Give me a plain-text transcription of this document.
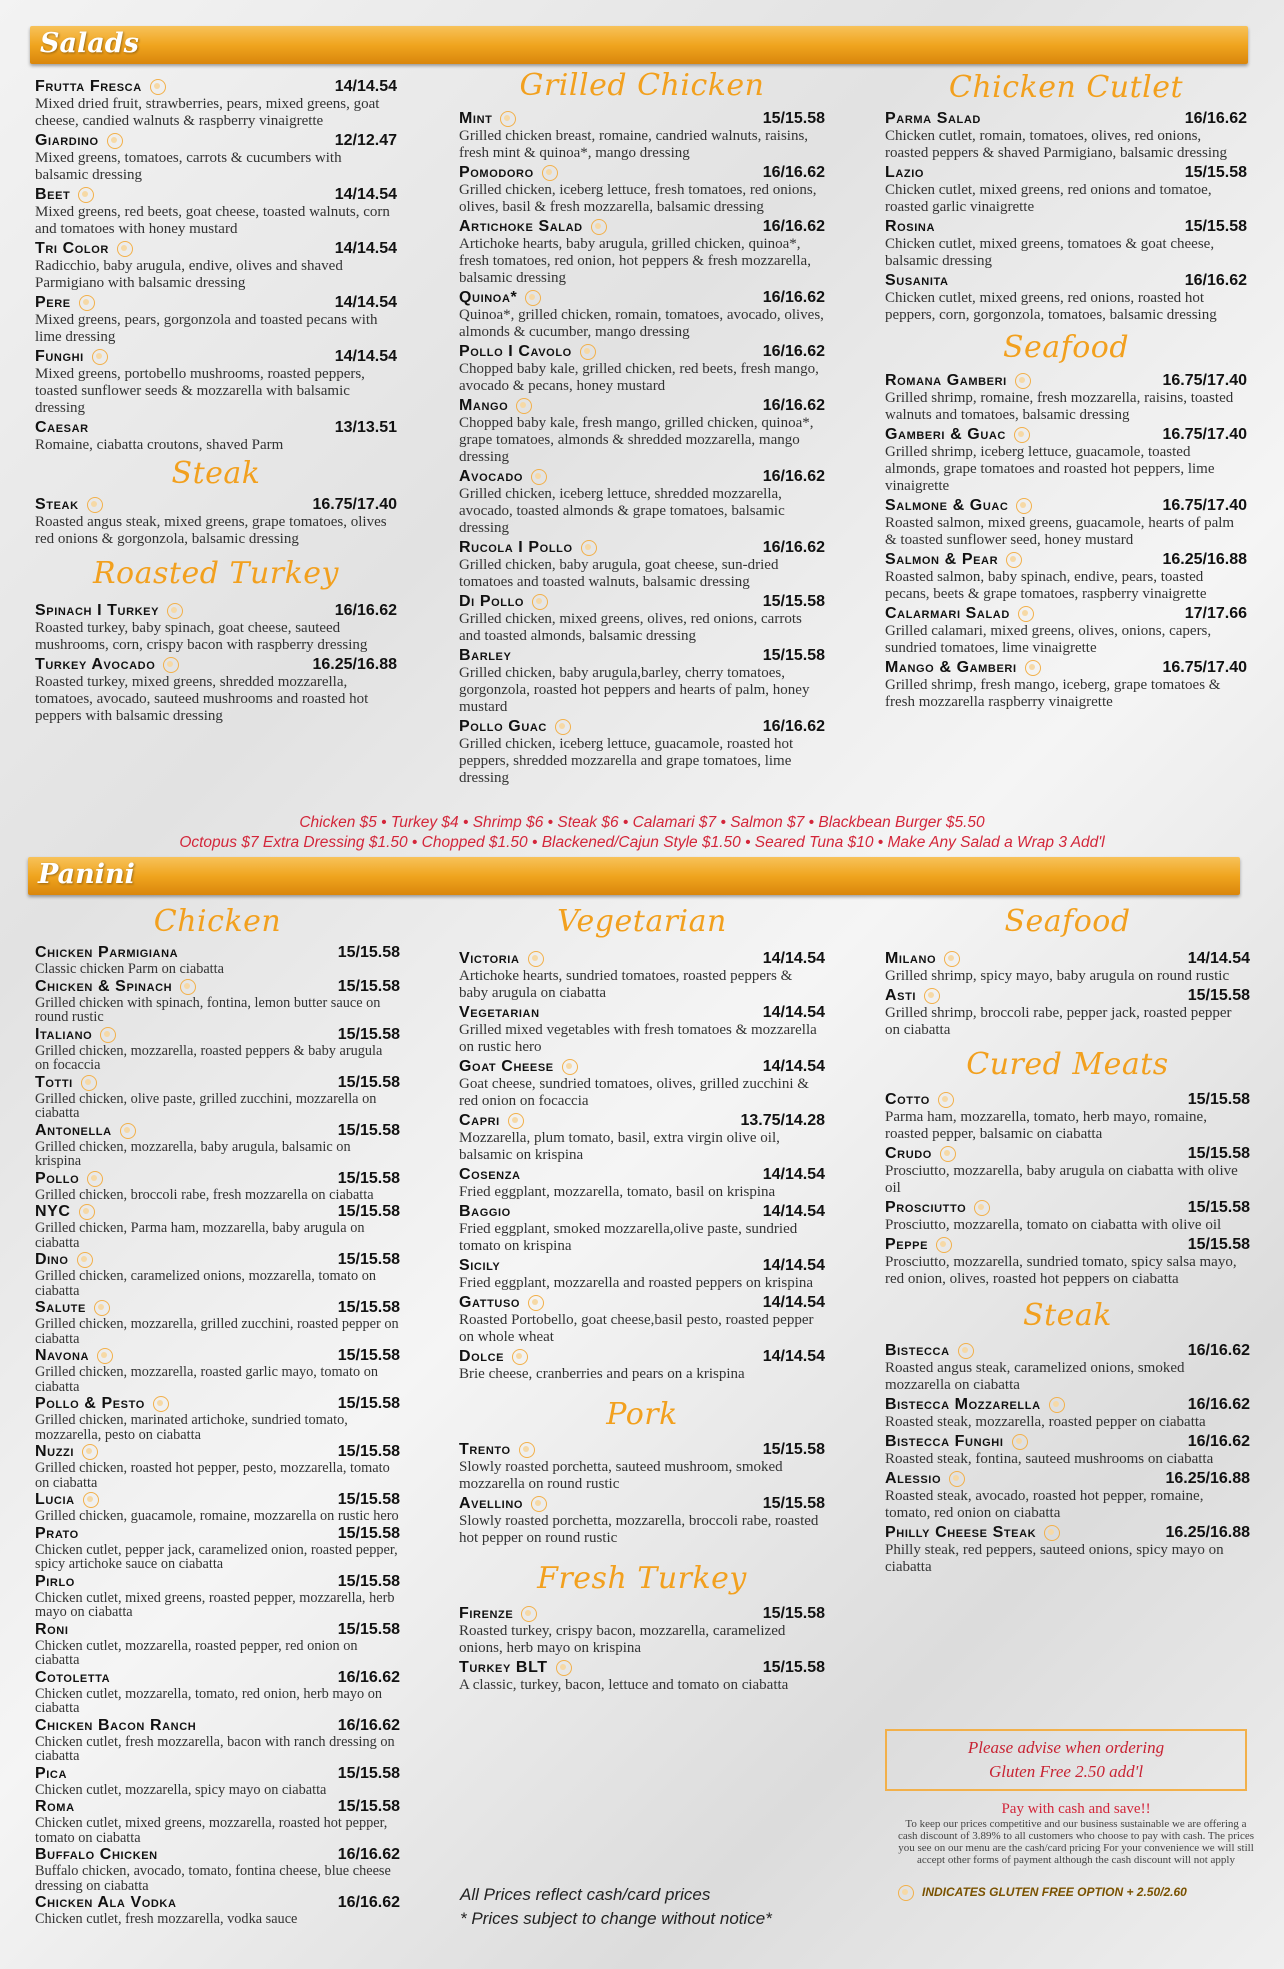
Salads
Frutta Fresca	14/14.54
Mixed dried fruit, strawberries, pears, mixed greens, goat cheese, candied walnuts & raspberry vinaigrette
Giardino	12/12.47
Mixed greens, tomatoes, carrots & cucumbers with balsamic dressing
Beet	14/14.54
Mixed greens, red beets, goat cheese, toasted walnuts, corn and tomatoes with honey mustard
Tri Color	14/14.54
Radicchio, baby arugula, endive, olives and shaved Parmigiano with balsamic dressing
Pere	14/14.54
Mixed greens, pears, gorgonzola and toasted pecans with lime dressing
Funghi	14/14.54
Mixed greens, portobello mushrooms, roasted peppers, toasted sunflower seeds & mozzarella with balsamic dressing
Caesar	13/13.51
Romaine, ciabatta croutons, shaved Parm
Steak
Steak	16.75/17.40
Roasted angus steak, mixed greens, grape tomatoes, olives red onions & gorgonzola, balsamic dressing
Roasted Turkey
Spinach I Turkey	16/16.62
Roasted turkey, baby spinach, goat cheese, sauteed mushrooms, corn, crispy bacon with raspberry dressing
Turkey Avocado	16.25/16.88
Roasted turkey, mixed greens, shredded mozzarella, tomatoes, avocado, sauteed mushrooms and roasted hot peppers with balsamic dressing
Grilled Chicken
Mint	15/15.58
Grilled chicken breast, romaine, candried walnuts, raisins, fresh mint & quinoa*, mango dressing
Pomodoro	16/16.62
Grilled chicken, iceberg lettuce, fresh tomatoes, red onions, olives, basil & fresh mozzarella, balsamic dressing
Artichoke Salad	16/16.62
Artichoke hearts, baby arugula, grilled chicken, quinoa*, fresh tomatoes, red onion, hot peppers & fresh mozzarella, balsamic dressing
Quinoa*	16/16.62
Quinoa*, grilled chicken, romain, tomatoes, avocado, olives, almonds & cucumber, mango dressing
Pollo I Cavolo	16/16.62
Chopped baby kale, grilled chicken, red beets, fresh mango, avocado & pecans, honey mustard
Mango	16/16.62
Chopped baby kale, fresh mango, grilled chicken, quinoa*, grape tomatoes, almonds & shredded mozzarella, mango dressing
Avocado	16/16.62
Grilled chicken, iceberg lettuce, shredded mozzarella, avocado, toasted almonds & grape tomatoes, balsamic dressing
Rucola I Pollo	16/16.62
Grilled chicken, baby arugula, goat cheese, sun-dried tomatoes and toasted walnuts, balsamic dressing
Di Pollo	15/15.58
Grilled chicken, mixed greens, olives, red onions, carrots and toasted almonds, balsamic dressing
Barley	15/15.58
Grilled chicken, baby arugula,barley, cherry tomatoes, gorgonzola, roasted hot peppers and hearts of palm, honey mustard
Pollo Guac	16/16.62
Grilled chicken, iceberg lettuce, guacamole, roasted hot peppers, shredded mozzarella and grape tomatoes, lime dressing
Chicken Cutlet
Parma Salad	16/16.62
Chicken cutlet, romain, tomatoes, olives, red onions, roasted peppers & shaved Parmigiano, balsamic dressing
Lazio	15/15.58
Chicken cutlet, mixed greens, red onions and tomatoe, roasted garlic vinaigrette
Rosina	15/15.58
Chicken cutlet, mixed greens, tomatoes & goat cheese, balsamic dressing
Susanita	16/16.62
Chicken cutlet, mixed greens, red onions, roasted hot peppers, corn, gorgonzola, tomatoes, balsamic dressing
Seafood
Romana Gamberi	16.75/17.40
Grilled shrimp, romaine, fresh mozzarella, raisins, toasted walnuts and tomatoes, balsamic dressing
Gamberi & Guac	16.75/17.40
Grilled shrimp, iceberg lettuce, guacamole, toasted almonds, grape tomatoes and roasted hot peppers, lime vinaigrette
Salmone & Guac	16.75/17.40
Roasted salmon, mixed greens, guacamole, hearts of palm & toasted sunflower seed, honey mustard
Salmon & Pear	16.25/16.88
Roasted salmon, baby spinach, endive, pears, toasted pecans, beets & grape tomatoes, raspberry vinaigrette
Calarmari Salad	17/17.66
Grilled calamari, mixed greens, olives, onions, capers, sundried tomatoes, lime vinaigrette
Mango & Gamberi	16.75/17.40
Grilled shrimp, fresh mango, iceberg, grape tomatoes & fresh mozzarella raspberry vinaigrette
Chicken $5 • Turkey $4 • Shrimp $6 • Steak $6 • Calamari $7 • Salmon $7 • Blackbean Burger $5.50
Octopus $7 Extra Dressing $1.50 • Chopped $1.50 • Blackened/Cajun Style $1.50 • Seared Tuna $10 • Make Any Salad a Wrap 3 Add'l
Panini
Chicken
Chicken Parmigiana	15/15.58
Classic chicken Parm on ciabatta
Chicken & Spinach	15/15.58
Grilled chicken with spinach, fontina, lemon butter sauce on round rustic
Italiano	15/15.58
Grilled chicken, mozzarella, roasted peppers & baby arugula on focaccia
Totti	15/15.58
Grilled chicken, olive paste, grilled zucchini, mozzarella on ciabatta
Antonella	15/15.58
Grilled chicken, mozzarella, baby arugula, balsamic on krispina
Pollo	15/15.58
Grilled chicken, broccoli rabe, fresh mozzarella on ciabatta
NYC	15/15.58
Grilled chicken, Parma ham, mozzarella, baby arugula on ciabatta
Dino	15/15.58
Grilled chicken, caramelized onions, mozzarella, tomato on ciabatta
Salute	15/15.58
Grilled chicken, mozzarella, grilled zucchini, roasted pepper on ciabatta
Navona	15/15.58
Grilled chicken, mozzarella, roasted garlic mayo, tomato on ciabatta
Pollo & Pesto	15/15.58
Grilled chicken, marinated artichoke, sundried tomato, mozzarella, pesto on ciabatta
Nuzzi	15/15.58
Grilled chicken, roasted hot pepper, pesto, mozzarella, tomato on ciabatta
Lucia	15/15.58
Grilled chicken, guacamole, romaine, mozzarella on rustic hero
Prato	15/15.58
Chicken cutlet, pepper jack, caramelized onion, roasted pepper, spicy artichoke sauce on ciabatta
Pirlo	15/15.58
Chicken cutlet, mixed greens, roasted pepper, mozzarella, herb mayo on ciabatta
Roni	15/15.58
Chicken cutlet, mozzarella, roasted pepper, red onion on ciabatta
Cotoletta	16/16.62
Chicken cutlet, mozzarella, tomato, red onion, herb mayo on ciabatta
Chicken Bacon Ranch	16/16.62
Chicken cutlet, fresh mozzarella, bacon with ranch dressing on ciabatta
Pica	15/15.58
Chicken cutlet, mozzarella, spicy mayo on ciabatta
Roma	15/15.58
Chicken cutlet, mixed greens, mozzarella, roasted hot pepper, tomato on ciabatta
Buffalo Chicken	16/16.62
Buffalo chicken, avocado, tomato, fontina cheese, blue cheese dressing on ciabatta
Chicken Ala Vodka	16/16.62
Chicken cutlet, fresh mozzarella, vodka sauce
Vegetarian
Victoria	14/14.54
Artichoke hearts, sundried tomatoes, roasted peppers & baby arugula on ciabatta
Vegetarian	14/14.54
Grilled mixed vegetables with fresh tomatoes & mozzarella on rustic hero
Goat Cheese	14/14.54
Goat cheese, sundried tomatoes, olives, grilled zucchini & red onion on focaccia
Capri	13.75/14.28
Mozzarella, plum tomato, basil, extra virgin olive oil, balsamic on krispina
Cosenza	14/14.54
Fried eggplant, mozzarella, tomato, basil on krispina
Baggio	14/14.54
Fried eggplant, smoked mozzarella,olive paste, sundried tomato on krispina
Sicily	14/14.54
Fried eggplant, mozzarella and roasted peppers on krispina
Gattuso	14/14.54
Roasted Portobello, goat cheese,basil pesto, roasted pepper on whole wheat
Dolce	14/14.54
Brie cheese, cranberries and pears on a krispina
Pork
Trento	15/15.58
Slowly roasted porchetta, sauteed mushroom, smoked mozzarella on round rustic
Avellino	15/15.58
Slowly roasted porchetta, mozzarella, broccoli rabe, roasted hot pepper on round rustic
Fresh Turkey
Firenze	15/15.58
Roasted turkey, crispy bacon, mozzarella, caramelized onions, herb mayo on krispina
Turkey BLT	15/15.58
A classic, turkey, bacon, lettuce and tomato on ciabatta
Seafood
Milano	14/14.54
Grilled shrimp, spicy mayo, baby arugula on round rustic
Asti	15/15.58
Grilled shrimp, broccoli rabe, pepper jack, roasted pepper on ciabatta
Cured Meats
Cotto	15/15.58
Parma ham, mozzarella, tomato, herb mayo, romaine, roasted pepper, balsamic on ciabatta
Crudo	15/15.58
Prosciutto, mozzarella, baby arugula on ciabatta with olive oil
Prosciutto	15/15.58
Prosciutto, mozzarella, tomato on ciabatta with olive oil
Peppe	15/15.58
Prosciutto, mozzarella, sundried tomato, spicy salsa mayo, red onion, olives, roasted hot peppers on ciabatta
Steak
Bistecca	16/16.62
Roasted angus steak, caramelized onions, smoked mozzarella on ciabatta
Bistecca Mozzarella	16/16.62
Roasted steak, mozzarella, roasted pepper on ciabatta
Bistecca Funghi	16/16.62
Roasted steak, fontina, sauteed mushrooms on ciabatta
Alessio	16.25/16.88
Roasted steak, avocado, roasted hot pepper, romaine, tomato, red onion on ciabatta
Philly Cheese Steak	16.25/16.88
Philly steak, red peppers, sauteed onions, spicy mayo on ciabatta
Please advise when ordering
Gluten Free 2.50 add'l
Pay with cash and save!!
To keep our prices competitive and our business sustainable we are offering a cash discount of 3.89% to all customers who choose to pay with cash. The prices you see on our menu are the cash/card pricing For your convenience we will still accept other forms of payment although the cash discount will not apply
INDICATES GLUTEN FREE OPTION + 2.50/2.60
All Prices reflect cash/card prices
* Prices subject to change without notice*
